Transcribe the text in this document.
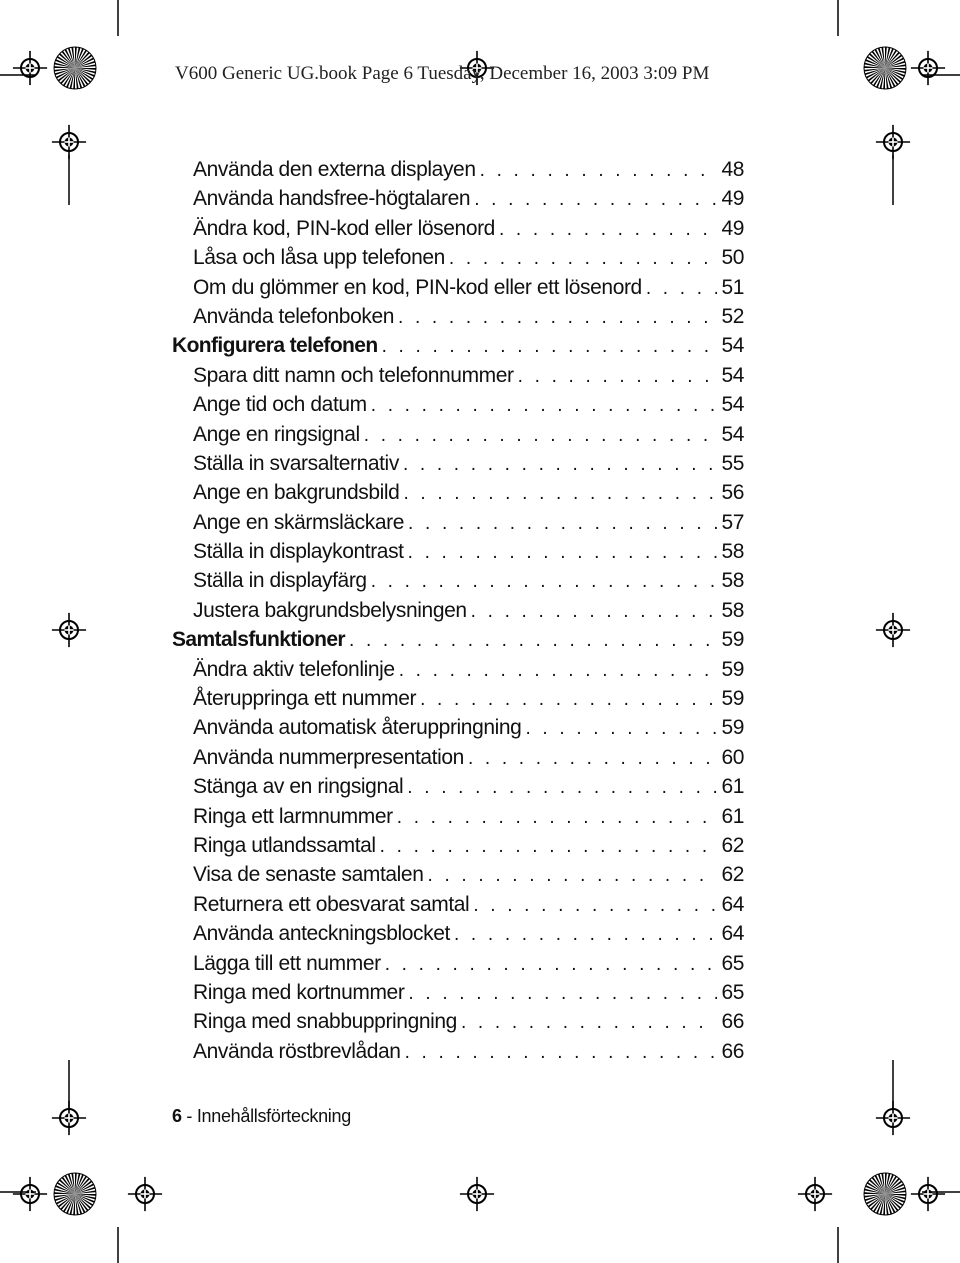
V600 Generic UG.book Page 6 Tuesday, December 16, 2003 3:09 PM
Använda den externa displayen . . .	48
Använda handsfree-högtalaren . . .	49
Ändra kod, PIN-kod eller lösenord . . .	49
Låsa och låsa upp telefonen . . .	50
Om du glömmer en kod, PIN-kod eller ett lösenord . . .	51
Använda telefonboken . . .	52
Konfigurera telefonen . . .	54
Spara ditt namn och telefonnummer . . .	54
Ange tid och datum . . .	54
Ange en ringsignal . . .	54
Ställa in svarsalternativ . . .	55
Ange en bakgrundsbild . . .	56
Ange en skärmsläckare . . .	57
Ställa in displaykontrast . . .	58
Ställa in displayfärg . . .	58
Justera bakgrundsbelysningen . . .	58
Samtalsfunktioner . . .	59
Ändra aktiv telefonlinje . . .	59
Återuppringa ett nummer . . .	59
Använda automatisk återuppringning . . .	59
Använda nummerpresentation . . .	60
Stänga av en ringsignal . . .	61
Ringa ett larmnummer . . .	61
Ringa utlandssamtal . . .	62
Visa de senaste samtalen . . .	62
Returnera ett obesvarat samtal . . .	64
Använda anteckningsblocket . . .	64
Lägga till ett nummer . . .	65
Ringa med kortnummer . . .	65
Ringa med snabbuppringning . . .	66
Använda röstbrevlådan . . .	66
6 - Innehållsförteckning
